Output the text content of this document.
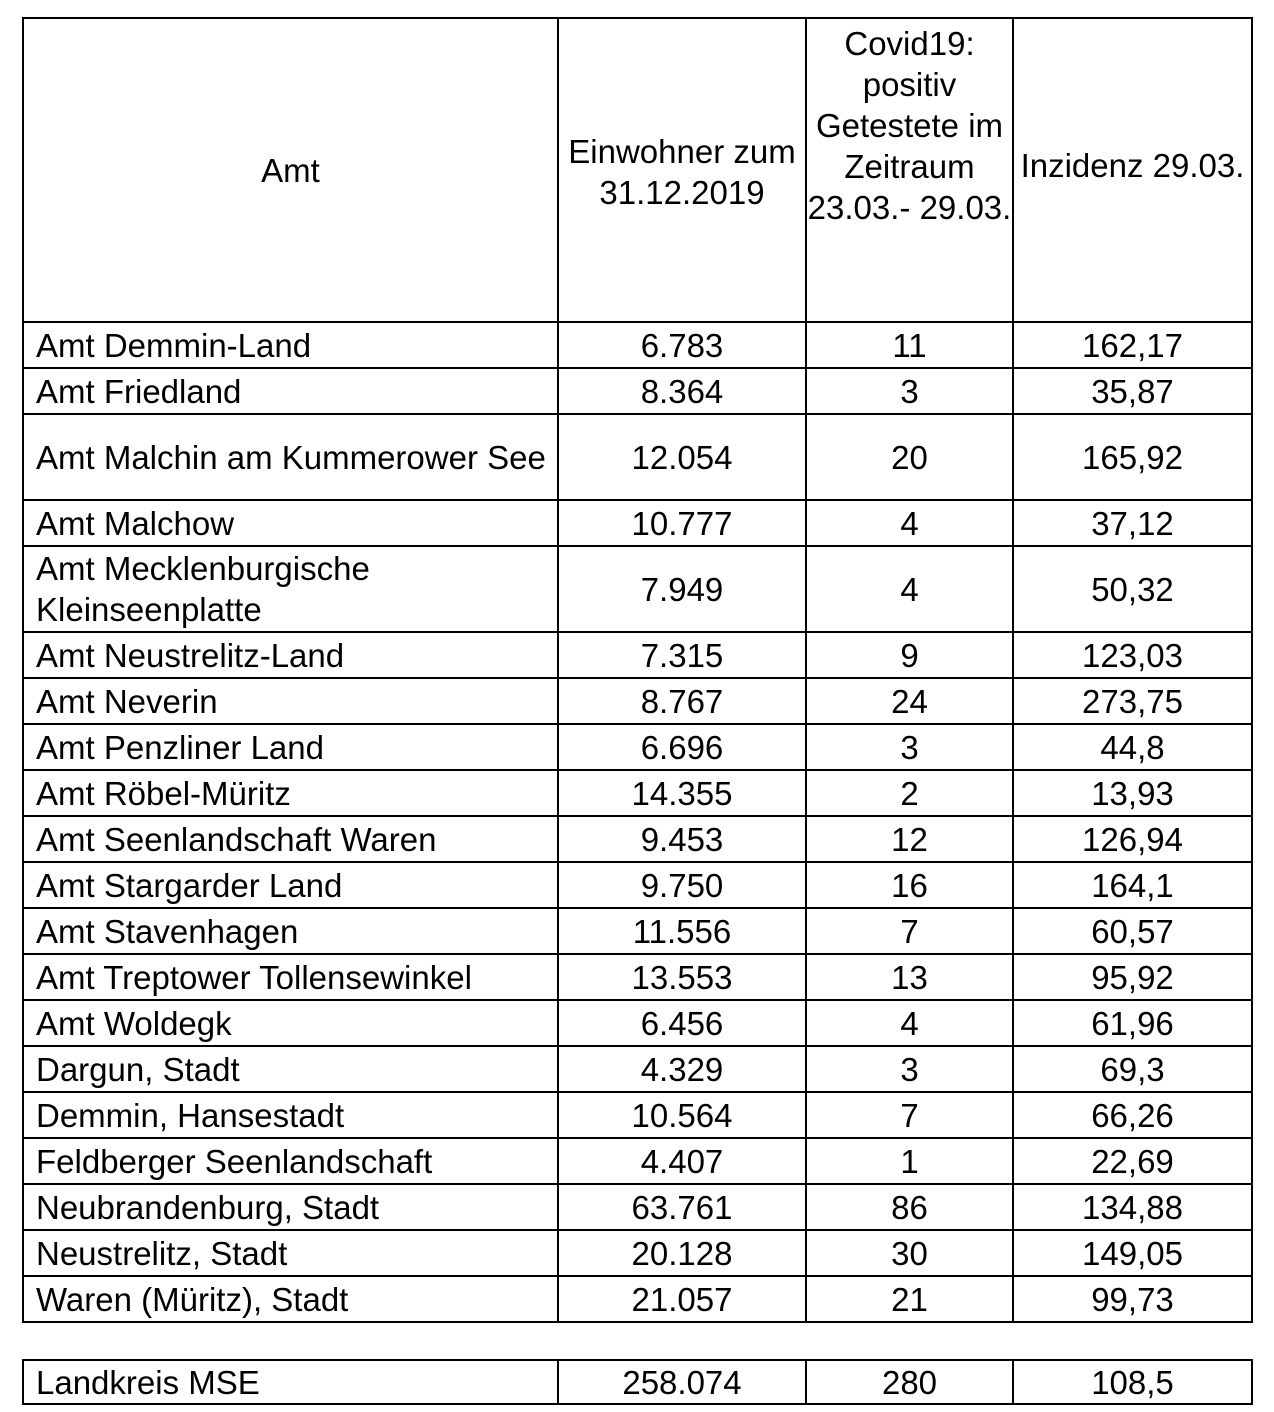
Amt	Einwohner zum 31.12.2019	Covid19: positiv Getestete im Zeitraum 23.03.- 29.03.	Inzidenz 29.03.
Amt Demmin-Land	6.783	11	162,17
Amt Friedland	8.364	3	35,87
Amt Malchin am Kummerower See	12.054	20	165,92
Amt Malchow	10.777	4	37,12
Amt Mecklenburgische Kleinseenplatte	7.949	4	50,32
Amt Neustrelitz-Land	7.315	9	123,03
Amt Neverin	8.767	24	273,75
Amt Penzliner Land	6.696	3	44,8
Amt Röbel-Müritz	14.355	2	13,93
Amt Seenlandschaft Waren	9.453	12	126,94
Amt Stargarder Land	9.750	16	164,1
Amt Stavenhagen	11.556	7	60,57
Amt Treptower Tollensewinkel	13.553	13	95,92
Amt Woldegk	6.456	4	61,96
Dargun, Stadt	4.329	3	69,3
Demmin, Hansestadt	10.564	7	66,26
Feldberger Seenlandschaft	4.407	1	22,69
Neubrandenburg, Stadt	63.761	86	134,88
Neustrelitz, Stadt	20.128	30	149,05
Waren (Müritz), Stadt	21.057	21	99,73
Landkreis MSE	258.074	280	108,5
